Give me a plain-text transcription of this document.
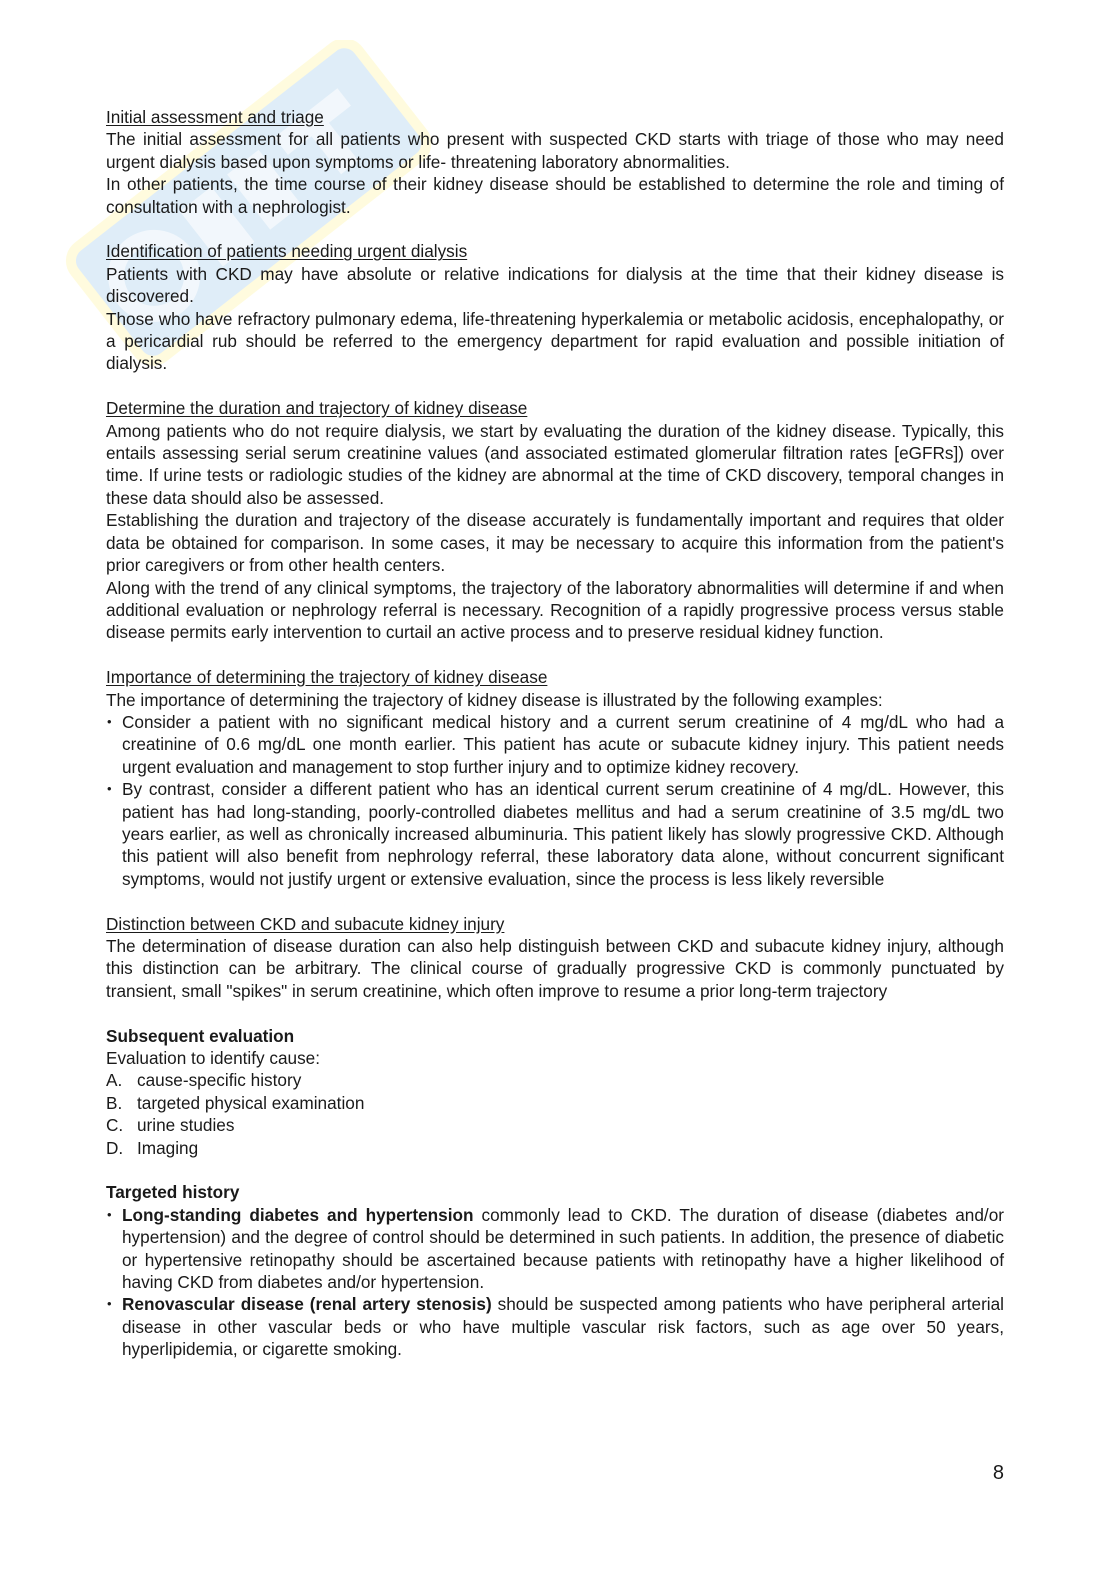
Initial assessment and triage

The initial assessment for all patients who present with suspected CKD starts with triage of those who may need urgent dialysis based upon symptoms or life- threatening laboratory abnormalities.

In other patients, the time course of their kidney disease should be established to determine the role and timing of consultation with a nephrologist.

Identification of patients needing urgent dialysis

Patients with CKD may have absolute or relative indications for dialysis at the time that their kidney disease is discovered.

Those who have refractory pulmonary edema, life-threatening hyperkalemia or metabolic acidosis, encephalopathy, or a pericardial rub should be referred to the emergency department for rapid evaluation and possible initiation of dialysis.

Determine the duration and trajectory of kidney disease

Among patients who do not require dialysis, we start by evaluating the duration of the kidney disease. Typically, this entails assessing serial serum creatinine values (and associated estimated glomerular filtration rates [eGFRs]) over time. If urine tests or radiologic studies of the kidney are abnormal at the time of CKD discovery, temporal changes in these data should also be assessed.

Establishing the duration and trajectory of the disease accurately is fundamentally important and requires that older data be obtained for comparison. In some cases, it may be necessary to acquire this information from the patient's prior caregivers or from other health centers.

Along with the trend of any clinical symptoms, the trajectory of the laboratory abnormalities will determine if and when additional evaluation or nephrology referral is necessary. Recognition of a rapidly progressive process versus stable disease permits early intervention to curtail an active process and to preserve residual kidney function.

Importance of determining the trajectory of kidney disease

The importance of determining the trajectory of kidney disease is illustrated by the following examples:

• Consider a patient with no significant medical history and a current serum creatinine of 4 mg/dL who had a creatinine of 0.6 mg/dL one month earlier. This patient has acute or subacute kidney injury. This patient needs urgent evaluation and management to stop further injury and to optimize kidney recovery.
• By contrast, consider a different patient who has an identical current serum creatinine of 4 mg/dL. However, this patient has had long-standing, poorly-controlled diabetes mellitus and had a serum creatinine of 3.5 mg/dL two years earlier, as well as chronically increased albuminuria. This patient likely has slowly progressive CKD. Although this patient will also benefit from nephrology referral, these laboratory data alone, without concurrent significant symptoms, would not justify urgent or extensive evaluation, since the process is less likely reversible

Distinction between CKD and subacute kidney injury

The determination of disease duration can also help distinguish between CKD and subacute kidney injury, although this distinction can be arbitrary. The clinical course of gradually progressive CKD is commonly punctuated by transient, small "spikes" in serum creatinine, which often improve to resume a prior long-term trajectory

Subsequent evaluation

Evaluation to identify cause:

A. cause-specific history
B. targeted physical examination
C. urine studies
D. Imaging

Targeted history

• Long-standing diabetes and hypertension commonly lead to CKD. The duration of disease (diabetes and/or hypertension) and the degree of control should be determined in such patients. In addition, the presence of diabetic or hypertensive retinopathy should be ascertained because patients with retinopathy have a higher likelihood of having CKD from diabetes and/or hypertension.
• Renovascular disease (renal artery stenosis) should be suspected among patients who have peripheral arterial disease in other vascular beds or who have multiple vascular risk factors, such as age over 50 years, hyperlipidemia, or cigarette smoking.
8
